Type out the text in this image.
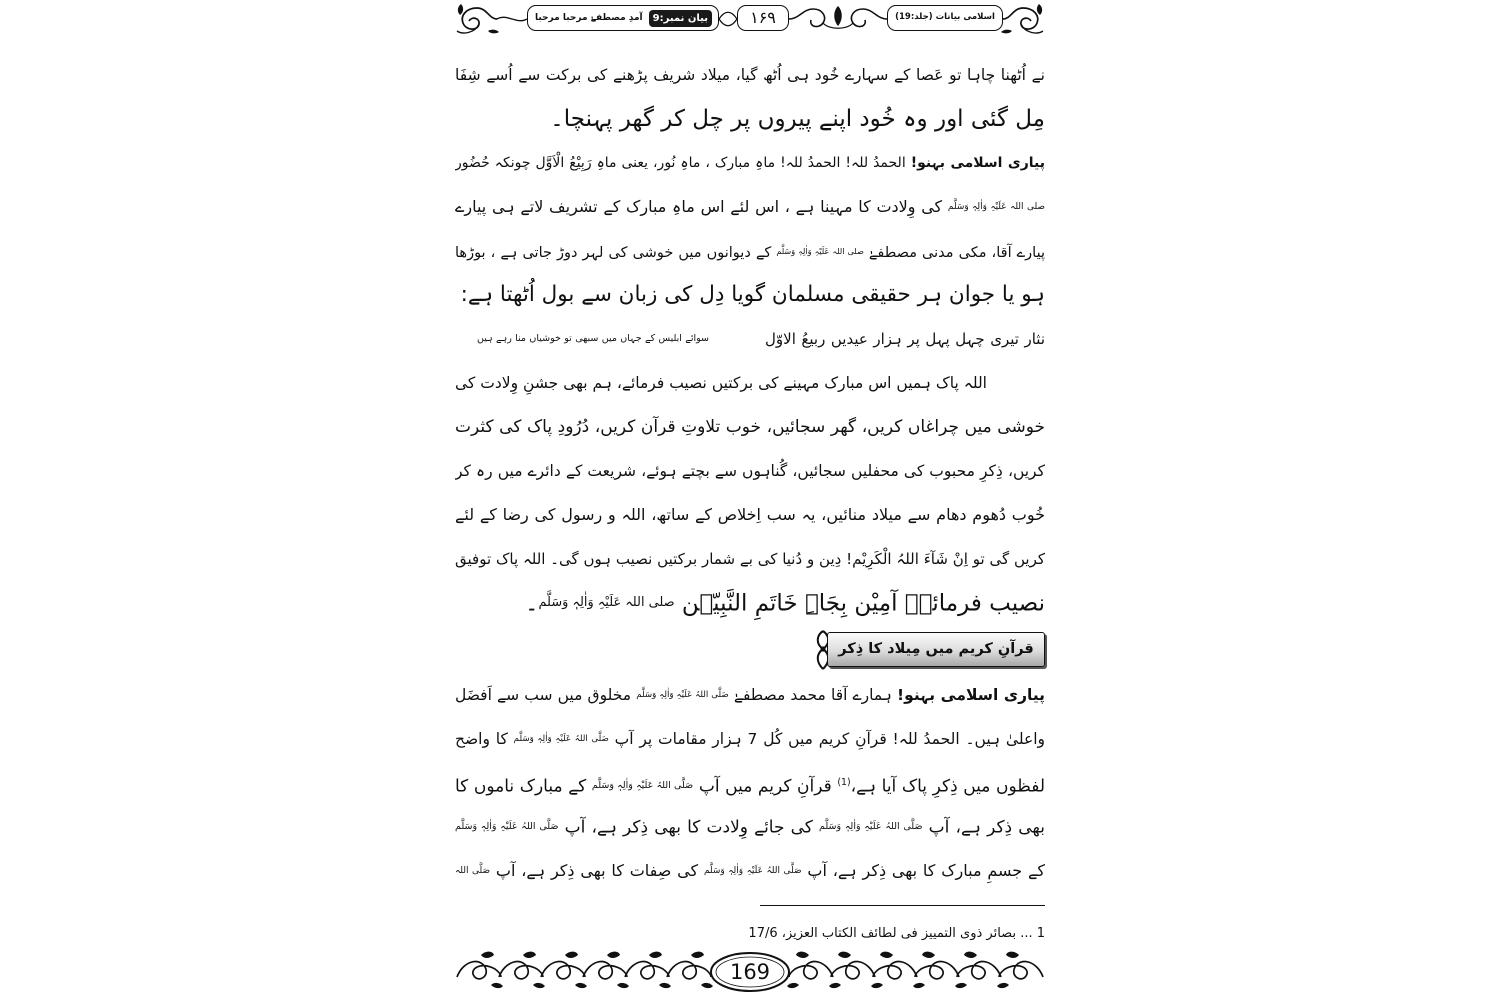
اسلامی بیانات (جلد:19)
۱۶۹
بیان نمبر:9
آمدِ مصطفےٰ مرحبا مرحبا
نے اُٹھنا چاہا تو عَصا کے سہارے خُود ہی اُٹھ گیا، میلاد شریف پڑھنے کی برکت سے اُسے شِفَا
مِل گئی اور وہ خُود اپنے پیروں پر چل کر گھر پہنچا۔
پیاری اسلامی بہنو! الحمدُ للہ! الحمدُ للہ! ماہِ مبارک ، ماہِ نُور، یعنی ماہِ رَبِیْعُ الْاَوَّل چونکہ حُضُور
صلی اللہ عَلَیْہِ وَاٰلِہٖ وَسَلَّم کی وِلادت کا مہینا ہے ، اس لئے اس ماہِ مبارک کے تشریف لاتے ہی پیارے
پیارے آقا، مکی مدنی مصطفےٰ صلی اللہ عَلَیْہِ وَاٰلِہٖ وَسَلَّم کے دیوانوں میں خوشی کی لہر دوڑ جاتی ہے ، بوڑھا
ہو یا جوان ہر حقیقی مسلمان گویا دِل کی زبان سے بول اُٹھتا ہے:
نثار تیری چہل پہل پر ہزار عیدیں ربیعُ الاوّل
سوائے ابلیس کے جہاں میں سبھی تو خوشیاں منا رہے ہیں
اللہ پاک ہمیں اس مبارک مہینے کی برکتیں نصیب فرمائے، ہم بھی جشنِ وِلادت کی
خوشی میں چراغاں کریں، گھر سجائیں، خوب تلاوتِ قرآن کریں، دُرُودِ پاک کی کثرت
کریں، ذِکرِ محبوب کی محفلیں سجائیں، گُناہوں سے بچتے ہوئے، شریعت کے دائرے میں رہ کر
خُوب دُھوم دھام سے میلاد منائیں، یہ سب اِخلاص کے ساتھ، اللہ و رسول کی رضا کے لئے
کریں گی تو اِنْ شَآءَ اللہُ الْکَرِیْم! دِین و دُنیا کی بے شمار برکتیں نصیب ہوں گی۔ اللہ پاک توفیق
نصیب فرمائے۔ آمِیْن بِجَاہِ خَاتَمِ النَّبِیّٖن صلی اللہ عَلَیْہِ وَاٰلِہٖ وَسَلَّم۔
قرآنِ کریم میں مِیلاد کا ذِکر
پیاری اسلامی بہنو! ہمارے آقا محمد مصطفےٰ صَلَّی اللہُ عَلَیْہِ وَاٰلِہٖ وَسَلَّم مخلوق میں سب سے اَفضَل
واعلیٰ ہیں۔ الحمدُ للہ! قرآنِ کریم میں کُل 7 ہزار مقامات پر آپ صَلَّی اللہُ عَلَیْہِ وَاٰلِہٖ وَسَلَّم کا واضح
لفظوں میں ذِکرِ پاک آیا ہے،$^{(1)}$ قرآنِ کریم میں آپ صَلَّی اللہُ عَلَیْہِ وَاٰلِہٖ وَسَلَّم کے مبارک ناموں کا
بھی ذِکر ہے، آپ صَلَّی اللہُ عَلَیْہِ وَاٰلِہٖ وَسَلَّم کی جائے وِلادت کا بھی ذِکر ہے، آپ صَلَّی اللہُ عَلَیْہِ وَاٰلِہٖ وَسَلَّم
کے جسمِ مبارک کا بھی ذِکر ہے، آپ صَلَّی اللہُ عَلَیْہِ وَاٰلِہٖ وَسَلَّم کی صِفات کا بھی ذِکر ہے، آپ صَلَّی اللہ
1 ... بصائر ذوی التمییز فی لطائف الکتاب العزیز، 17/6
169
